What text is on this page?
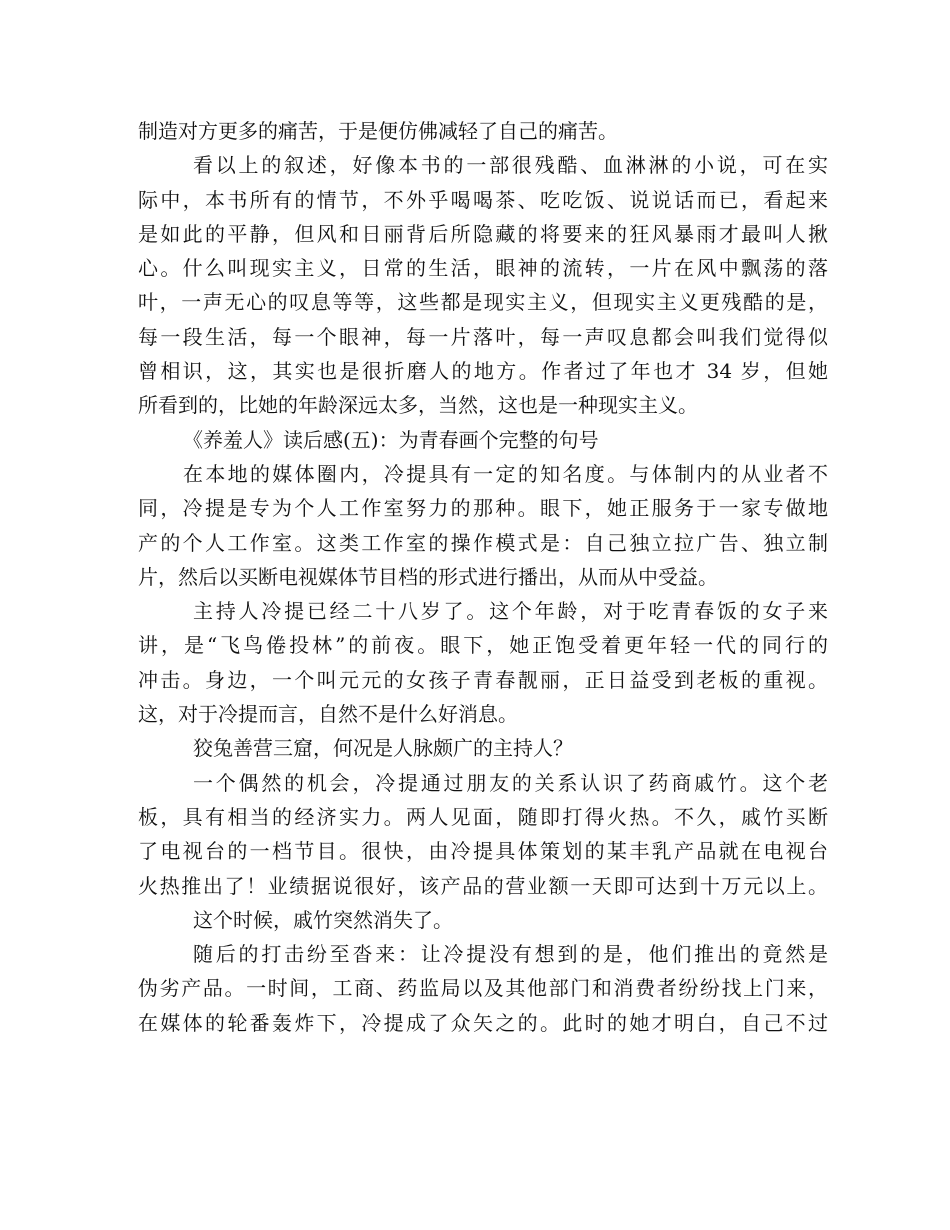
制造对方更多的痛苦，于是便仿佛减轻了自己的痛苦。
看以上的叙述，好像本书的一部很残酷、血淋淋的小说，可在实
际中，本书所有的情节，不外乎喝喝茶、吃吃饭、说说话而已，看起来
是如此的平静，但风和日丽背后所隐藏的将要来的狂风暴雨才最叫人揪
心。什么叫现实主义，日常的生活，眼神的流转，一片在风中飘荡的落
叶，一声无心的叹息等等，这些都是现实主义，但现实主义更残酷的是，
每一段生活，每一个眼神，每一片落叶，每一声叹息都会叫我们觉得似
曾相识，这，其实也是很折磨人的地方。作者过了年也才 34 岁，但她
所看到的，比她的年龄深远太多，当然，这也是一种现实主义。
《养羞人》读后感(五)：为青春画个完整的句号
在本地的媒体圈内，冷提具有一定的知名度。与体制内的从业者不
同，冷提是专为个人工作室努力的那种。眼下，她正服务于一家专做地
产的个人工作室。这类工作室的操作模式是：自己独立拉广告、独立制
片，然后以买断电视媒体节目档的形式进行播出，从而从中受益。
主持人冷提已经二十八岁了。这个年龄，对于吃青春饭的女子来
讲，是“飞鸟倦投林”的前夜。眼下，她正饱受着更年轻一代的同行的
冲击。身边，一个叫元元的女孩子青春靓丽，正日益受到老板的重视。
这，对于冷提而言，自然不是什么好消息。
狡兔善营三窟，何况是人脉颇广的主持人？
一个偶然的机会，冷提通过朋友的关系认识了药商戚竹。这个老
板，具有相当的经济实力。两人见面，随即打得火热。不久，戚竹买断
了电视台的一档节目。很快，由冷提具体策划的某丰乳产品就在电视台
火热推出了！业绩据说很好，该产品的营业额一天即可达到十万元以上。
这个时候，戚竹突然消失了。
随后的打击纷至沓来：让冷提没有想到的是，他们推出的竟然是
伪劣产品。一时间，工商、药监局以及其他部门和消费者纷纷找上门来，
在媒体的轮番轰炸下，冷提成了众矢之的。此时的她才明白，自己不过
